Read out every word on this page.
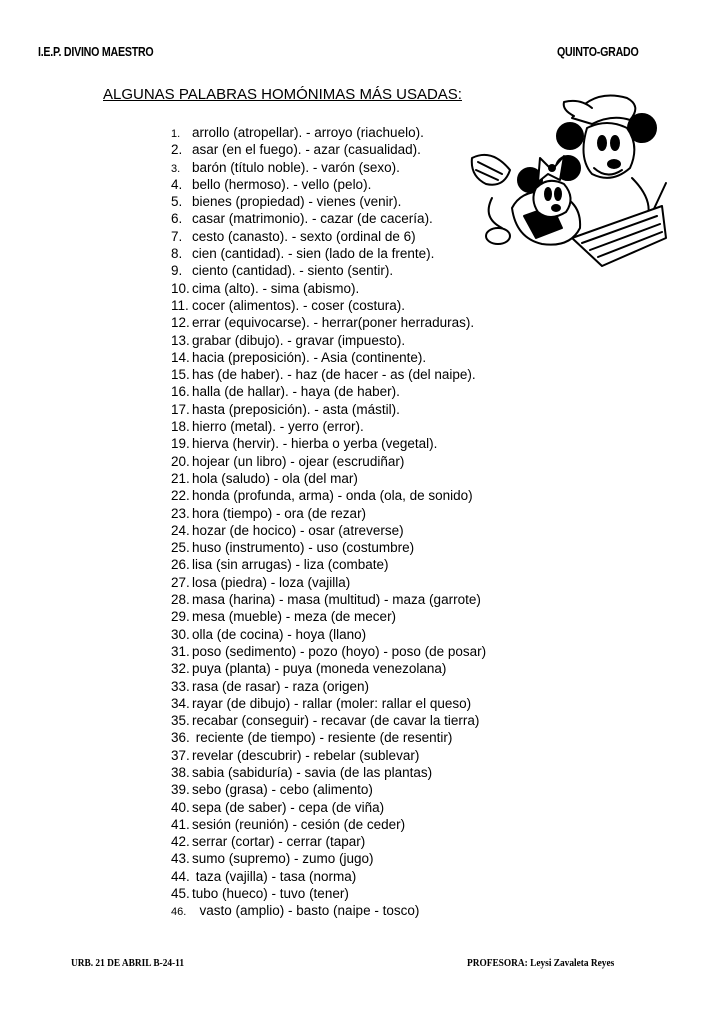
I.E.P. DIVINO MAESTRO	QUINTO-GRADO
ALGUNAS PALABRAS HOMÓNIMAS MÁS USADAS:
1. arrollo (atropellar). - arroyo (riachuelo).
2. asar (en el fuego). - azar (casualidad).
3. barón (título noble). - varón (sexo).
4. bello (hermoso). - vello (pelo).
5. bienes (propiedad) - vienes (venir).
6. casar (matrimonio). - cazar (de cacería).
7. cesto (canasto). - sexto (ordinal de 6)
8. cien (cantidad). - sien (lado de la frente).
9. ciento (cantidad). - siento (sentir).
10. cima (alto). - sima (abismo).
11. cocer (alimentos). - coser (costura).
12. errar (equivocarse). - herrar(poner herraduras).
13. grabar (dibujo). - gravar (impuesto).
14. hacia (preposición). - Asia (continente).
15. has (de haber). - haz (de hacer - as (del naipe).
16. halla (de hallar). - haya (de haber).
17. hasta (preposición). - asta (mástil).
18. hierro (metal). - yerro (error).
19. hierva (hervir). - hierba o yerba (vegetal).
20. hojear (un libro) - ojear (escrudiñar)
21. hola (saludo) - ola (del mar)
22. honda (profunda, arma) - onda (ola, de sonido)
23. hora (tiempo) - ora (de rezar)
24. hozar (de hocico) - osar (atreverse)
25. huso (instrumento) - uso (costumbre)
26. lisa (sin arrugas) - liza (combate)
27. losa (piedra) - loza (vajilla)
28. masa (harina) - masa (multitud) - maza (garrote)
29. mesa (mueble) - meza (de mecer)
30. olla (de cocina) - hoya (llano)
31. poso (sedimento) - pozo (hoyo) - poso (de posar)
32. puya (planta) - puya (moneda venezolana)
33. rasa (de rasar) - raza (origen)
34. rayar (de dibujo) - rallar (moler: rallar el queso)
35. recabar (conseguir) - recavar (de cavar la tierra)
36. reciente (de tiempo) - resiente (de resentir)
37. revelar (descubrir) - rebelar (sublevar)
38. sabia (sabiduría) - savia (de las plantas)
39. sebo (grasa) - cebo (alimento)
40. sepa (de saber) - cepa (de viña)
41. sesión (reunión) - cesión (de ceder)
42. serrar (cortar) - cerrar (tapar)
43. sumo (supremo) - zumo (jugo)
44. taza (vajilla) - tasa (norma)
45. tubo (hueco) - tuvo (tener)
46.  vasto (amplio) - basto (naipe - tosco)
URB. 21 DE ABRIL B-24-11	PROFESORA: Leysi Zavaleta Reyes
